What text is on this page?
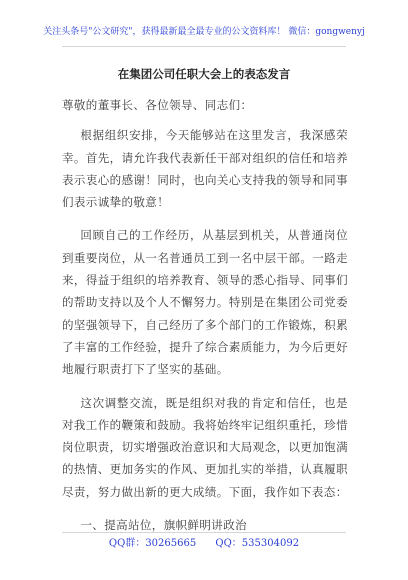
关注头条号"公文研究"，获得最新最全最专业的公文资料库！ 微信：gongwenyj
在集团公司任职大会上的表态发言

尊敬的董事长、各位领导、同志们：

根据组织安排，今天能够站在这里发言，我深感荣幸。首先，请允许我代表新任干部对组织的信任和培养表示衷心的感谢！同时，也向关心支持我的领导和同事们表示诚挚的敬意！

回顾自己的工作经历，从基层到机关，从普通岗位到重要岗位，从一名普通员工到一名中层干部。一路走来，得益于组织的培养教育、领导的悉心指导、同事们的帮助支持以及个人不懈努力。特别是在集团公司党委的坚强领导下，自己经历了多个部门的工作锻炼，积累了丰富的工作经验，提升了综合素质能力，为今后更好地履行职责打下了坚实的基础。

这次调整交流，既是组织对我的肯定和信任，也是对我工作的鞭策和鼓励。我将始终牢记组织重托，珍惜岗位职责，切实增强政治意识和大局观念，以更加饱满的热情、更加务实的作风、更加扎实的举措，认真履职尽责，努力做出新的更大成绩。下面，我作如下表态：

一、提高站位，旗帜鲜明讲政治

QQ群：30265665 QQ：535304092
